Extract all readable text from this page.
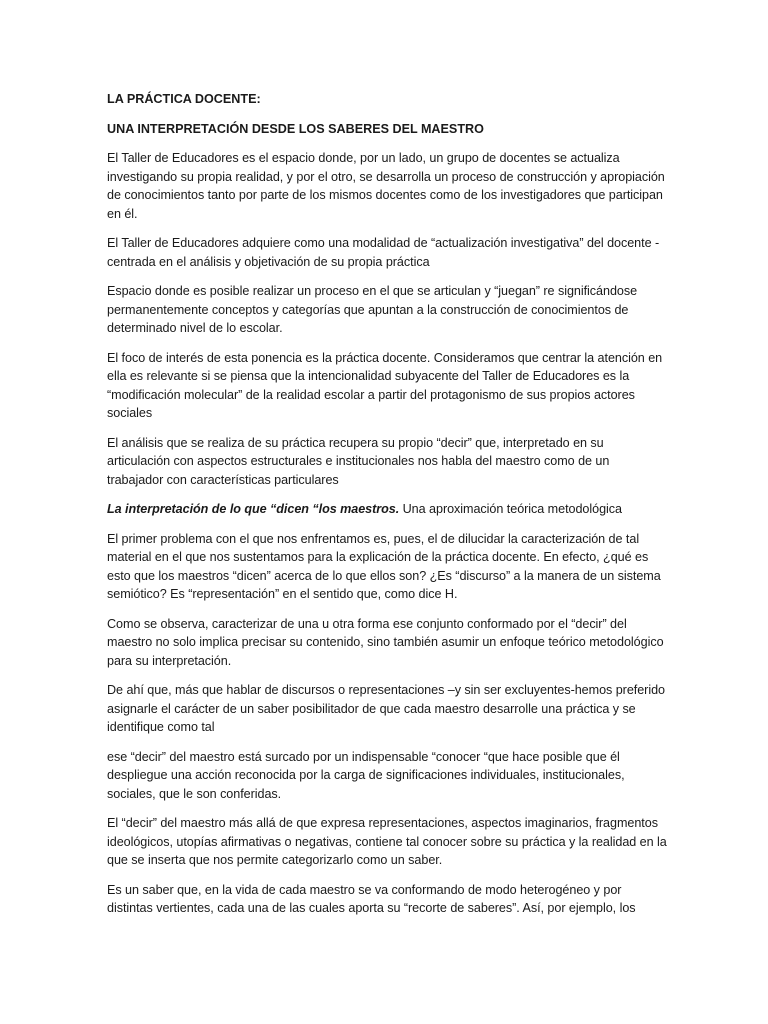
LA PRÁCTICA DOCENTE:
UNA INTERPRETACIÓN DESDE LOS SABERES DEL MAESTRO

El Taller de Educadores es el espacio donde, por un lado, un grupo de docentes se actualiza investigando su propia realidad, y por el otro, se desarrolla un proceso de construcción y apropiación de conocimientos tanto por parte de los mismos docentes como de los investigadores que participan en él.

El Taller de Educadores adquiere como una modalidad de “actualización investigativa” del docente -centrada en el análisis y objetivación de su propia práctica

Espacio donde es posible realizar un proceso en el que se articulan y “juegan” re significándose permanentemente conceptos y categorías que apuntan a la construcción de conocimientos de determinado nivel de lo escolar.

El foco de interés de esta ponencia es la práctica docente. Consideramos que centrar la atención en ella es relevante si se piensa que la intencionalidad subyacente del Taller de Educadores es la “modificación molecular” de la realidad escolar a partir del protagonismo de sus propios actores sociales

El análisis que se realiza de su práctica recupera su propio “decir” que, interpretado en su articulación con aspectos estructurales e institucionales nos habla del maestro como de un trabajador con características particulares

La interpretación de lo que “dicen “los maestros. Una aproximación teórica metodológica

El primer problema con el que nos enfrentamos es, pues, el de dilucidar la caracterización de tal material en el que nos sustentamos para la explicación de la práctica docente. En efecto, ¿qué es esto que los maestros “dicen” acerca de lo que ellos son? ¿Es “discurso” a la manera de un sistema semiótico? Es “representación” en el sentido que, como dice H.

Como se observa, caracterizar de una u otra forma ese conjunto conformado por el “decir” del maestro no solo implica precisar su contenido, sino también asumir un enfoque teórico metodológico para su interpretación.

De ahí que, más que hablar de discursos o representaciones –y sin ser excluyentes-hemos preferido asignarle el carácter de un saber posibilitador de que cada maestro desarrolle una práctica y se identifique como tal

ese “decir” del maestro está surcado por un indispensable “conocer “que hace posible que él despliegue una acción reconocida por la carga de significaciones individuales, institucionales, sociales, que le son conferidas.

El “decir” del maestro más allá de que expresa representaciones, aspectos imaginarios, fragmentos ideológicos, utopías afirmativas o negativas, contiene tal conocer sobre su práctica y la realidad en la que se inserta que nos permite categorizarlo como un saber.

Es un saber que, en la vida de cada maestro se va conformando de modo heterogéneo y por distintas vertientes, cada una de las cuales aporta su “recorte de saberes”. Así, por ejemplo, los
